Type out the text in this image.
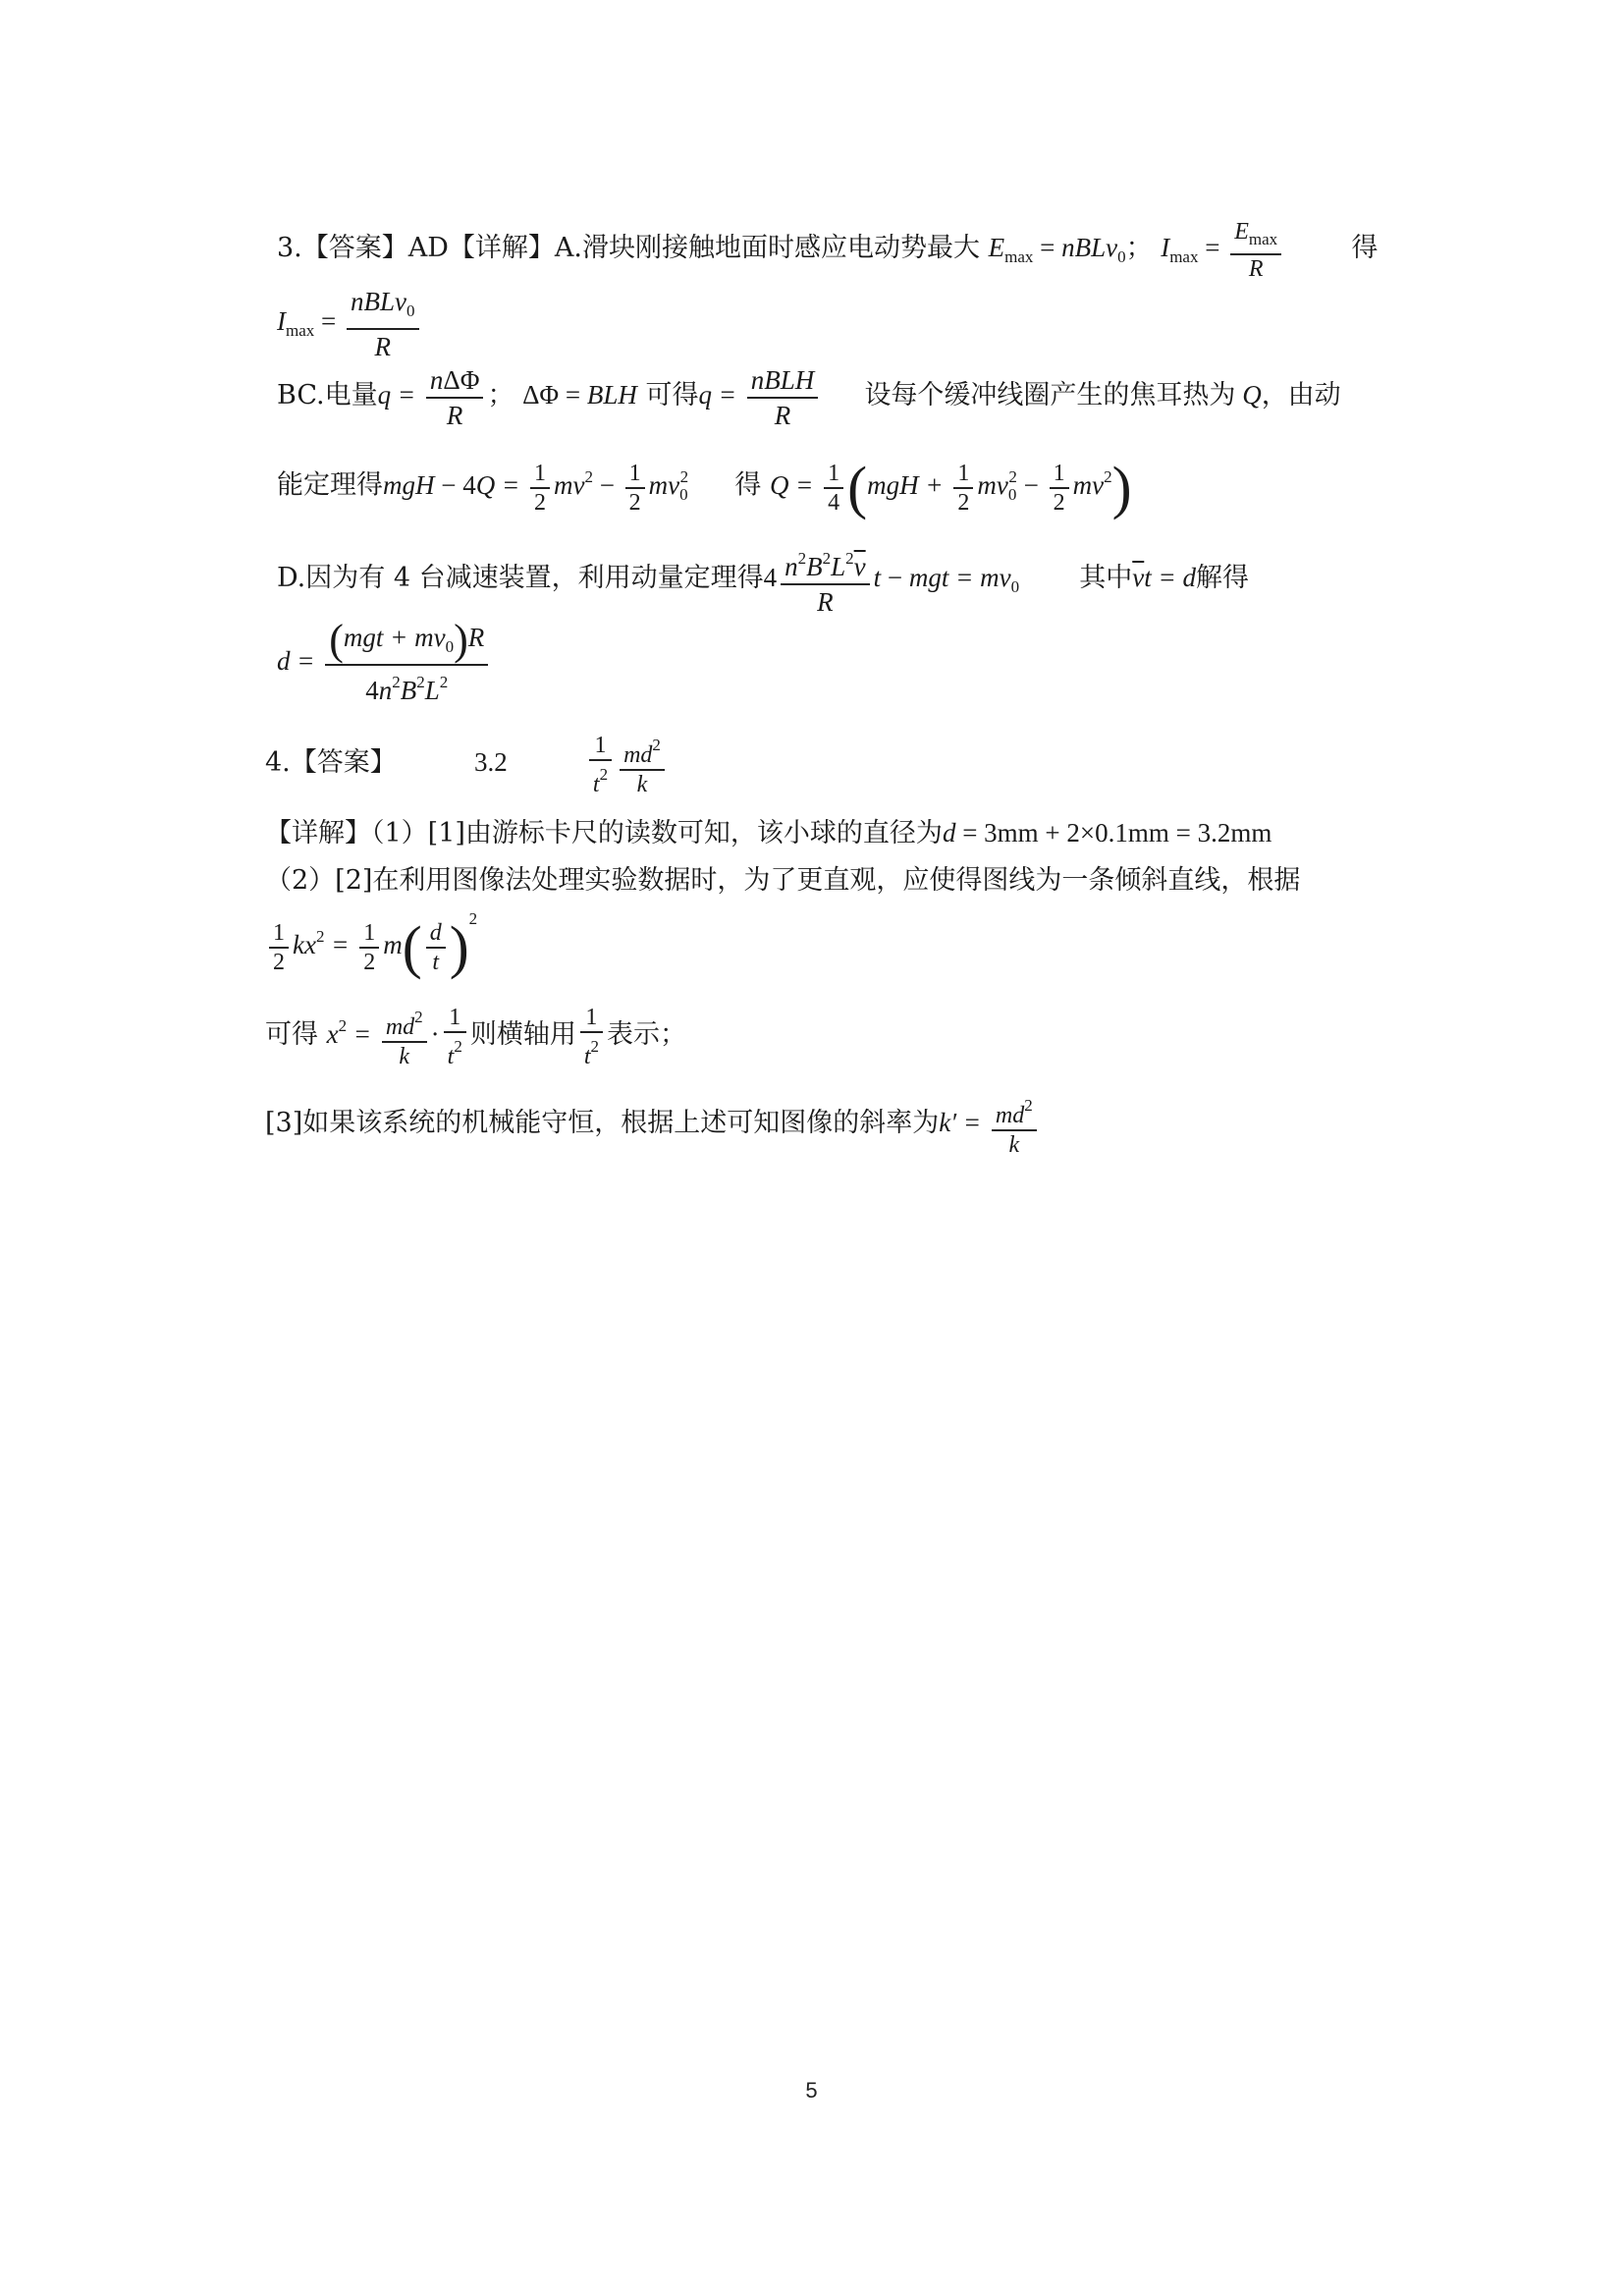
3.【答案】AD【详解】A.滑块刚接触地面时感应电动势最大 $E_{max}$ = nBLv$_0$； $I_{max} = \frac{E_{max}}{R}$	得
$I_{max} = \frac{nBLv_0}{R}$
BC.电量$q = \frac{\text{nΔΦ}}{R}$ ； ΔΦ = BLH 可得$q = \frac{\text{nBLH}}{R}$ 设每个缓冲线圈产生的焦耳热为 Q，由动
能定理得mgH − $4Q = \frac{1}{2} mv^2 - \frac{1}{2} mv_0^2$ 得 $Q = \frac{1}{4} (mgH + \frac{1}{2} mv_0^2 - \frac{1}{2} mv^2)$
D.因为有 4 台减速装置，利用动量定理得$4 \frac{n^2B^2L^2\overline{v}}{R}$ t − mgt = $mv_0$ 其中$\overline{v}t = d$解得
$d = \frac{(mgt + mv_0)R}{4n^2B^2L^2}$
4.【答案】	3.2	$\frac{1}{t^2} \frac{md^2}{k}$
【详解】（1）[1]由游标卡尺的读数可知，该小球的直径为d = 3mm + 2×0.1mm = 3.2mm
（2）[2]在利用图像法处理实验数据时，为了更直观，应使得图线为一条倾斜直线，根据
$\frac{1}{2} kx^2 = \frac{1}{2} m( \frac{d}{t} )^2$
可得 $x^2 = \frac{md^2}{k} \cdot \frac{1}{t^2}$ 则横轴用 $\frac{1}{t^2}$ 表示；
[3]如果该系统的机械能守恒，根据上述可知图像的斜率为$k' = \frac{md^2}{k}$
5
